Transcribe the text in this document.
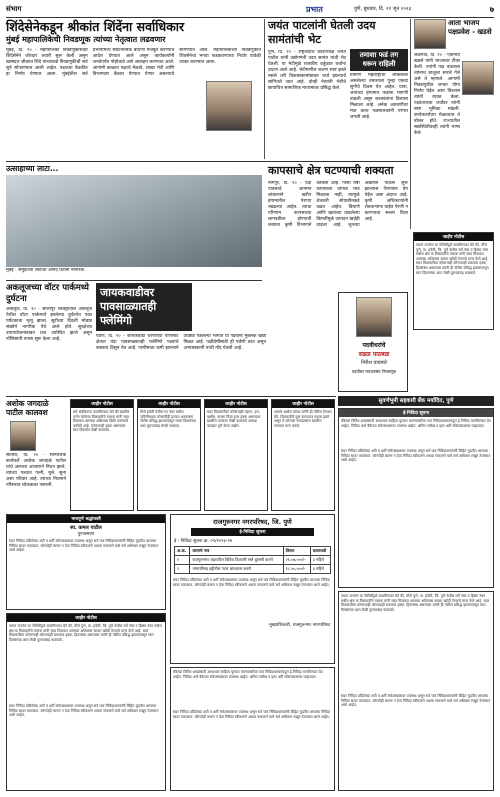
संभाग	प्रभात	पुणे, बुधवार, दि. २१ जून २०२३	७
शिंदेसेनेकडून श्रीकांत शिंदेंना सर्वाधिकार
मुंबई महापालिकेची निवडणूक त्यांच्या नेतृत्वात लढवणार
मुंबई, दि. २० - महापालिका निवडणुकीसाठी शिंदेसेनेने जोरदार तयारी सुरू केली असून खासदार श्रीकांत शिंदे यांच्याकडे निवडणुकीची सर्व सूत्रे सोपवण्यात आली आहेत. पक्षाच्या बैठकीत हा निर्णय घेण्यात आला. मुंबईतील सर्व प्रभागांमध्ये संघटनात्मक बांधणी मजबूत करण्याचे आदेश देण्यात आले असून कार्यकर्त्यांनी जनतेपर्यंत पोहोचावे असे आवाहन करण्यात आले. आगामी काळात पक्षाचे मेळावे, शाखा भेटी आणि विभागवार बैठका घेण्यात येणार असल्याचे सांगण्यात आले. महापालिकेच्या निवडणुकीत शिवसेनेचा भगवा फडकवण्याचा निर्धार यावेळी व्यक्त करण्यात आला.
जयंत पाटलांनी घेतली उदय सामंतांची भेट
पुणे, दि. २० - राष्ट्रवादीचे प्रदेशाध्यक्ष जयंत पाटील यांनी उद्योगमंत्री उदय सामंत यांची भेट घेतली. या भेटीमुळे राजकीय वर्तुळात चर्चांना उधाण आले आहे. भेटीमागील कारण स्पष्ट झाले नसले तरी विकासकामांबाबत चर्चा झाल्याचे सांगितले जात आहे. दोन्ही नेत्यांनी भेटीचे छायाचित्र सामाजिक माध्यमांवर प्रसिद्ध केले.
तमाशा फडं तग धरून राहिली
ग्रामीण महाराष्ट्राची लोककला असलेल्या तमाशाला पुन्हा एकदा सुगीचे दिवस येत आहेत. यात्रा, जत्रांच्या हंगामात फडांना मागणी वाढली असून कलावंतांना दिलासा मिळाला आहे. अनेक अडचणींवर मात करत फडमालकांनी परंपरा जपली आहे.
आता भाजप पक्षप्रवेश - खडसे
जळगाव, दि. २० - एकनाथ खडसे यांनी भाजपवर टीका केली. ज्यांनी पक्ष वाढवला त्यांनाच बाजूला सारले गेले असे ते म्हणाले. आगामी निवडणुकीत जनता योग्य निर्णय घेईल असा विश्वास त्यांनी व्यक्त केला. पक्षांतराच्या चर्चांवर त्यांनी स्पष्ट भूमिका मांडली. कार्यकर्त्यांच्या मेळाव्यात ते बोलत होते. राज्यातील सद्यस्थितीवरही त्यांनी भाष्य केले.
उत्साहाच्या लाटा...
मुंबई : समुद्राच्या लाटांचा आनंद घेताना नागरिक.
कापसाचे क्षेत्र घटण्याची शक्यता
नागपूर, दि. २० - यंदा पावसाचे आगमन लांबल्याने खरीप हंगामातील पेरण्या रखडल्या आहेत. त्याचा परिणाम कापसाच्या लागवडीवर होण्याची शक्यता कृषी विभागाने वर्तवली आहे. गेल्या वर्षी कापसाला चांगला भाव मिळाला नाही, त्यामुळे शेतकरी सोयाबीनकडे वळत आहेत. बियाणे आणि खतांच्या वाढलेल्या किमतींमुळे उत्पादन खर्चही वाढला आहे. जूनच्या अखेरीस पाऊस सुरू झाल्यास पेरण्यांना वेग येईल असा अंदाज आहे. कृषी अधिकाऱ्यांनी शेतकऱ्यांना घाईत पेरणी न करण्याचा सल्ला दिला आहे.
जाहीर नोटीस
तमाम जनतेस या नोटीसीद्वारे कळविण्यात येते की, मौजे पुणे, ता. हवेली, जि. पुणे येथील सर्वे नंबर व हिस्सा नंबर मधील क्षेत्र या मिळकतीचे मालक यांनी सदर मिळकत आमच्या अशिलास कायम खरेदी देण्याचे मान्य केले आहे. सदर मिळकतीवर कोणाचाही कोणत्याही प्रकारचा हक्क, हितसंबंध असल्यास त्यांनी ही नोटीस प्रसिद्ध झाल्यापासून सात दिवसांच्या आत लेखी पुराव्यासह कळवावे.
अकलूजच्या वॉटर पार्कमध्ये दुर्घटना
अकलूज, दि. २० - सोलापूर जिल्ह्यातील अकलूज येथील वॉटर पार्कमध्ये झालेल्या दुर्घटनेत एका पर्यटकाचा मृत्यू झाला. सुटीच्या दिवशी मोठ्या संख्येने नागरिक येथे आले होते. सुरक्षेच्या उपाययोजनांबाबत प्रश्न उपस्थित झाले असून पोलिसांनी तपास सुरू केला आहे.
जायकवाडीवर पावसाळ्यातही फ्लेमिंगो
पैठण, दि. २० - जायकवाडी धरणाच्या पाणलोट क्षेत्रात यंदा पावसाळ्यातही फ्लेमिंगो पक्ष्यांचे वास्तव्य दिसून येत आहे. पाणीसाठा कमी झाल्याने उघड्या पडलेल्या भागात या पक्ष्यांना मुबलक खाद्य मिळत आहे. पक्षीप्रेमींसाठी ही पर्वणी ठरत असून अभ्यासकांनी याची नोंद घेतली आहे.	पदवीधरांचे
सढळ पाठबळ
गिरीश वाघमारे
पदवीधर मतदारसंघ निवडणूक
सुवर्णभूमी सहकारी बँक मर्यादित, पुणे
ई-निविदा सूचना
बँकेच्या विविध शाखांसाठी आवश्यक साहित्य पुरवठा करण्याकरिता पात्र निविदाधारकांकडून ई-निविदा मागविण्यात येत आहेत. निविदा अर्ज बँकेच्या संकेतस्थळावर उपलब्ध आहेत. अंतिम तारीख व इतर अटी संकेतस्थळावर पाहाव्यात.
सदर निविदा प्रक्रियेच्या अटी व शर्ती संकेतस्थळावर उपलब्ध असून सर्व पात्र निविदाधारकांनी विहित मुदतीत आपल्या निविदा सादर कराव्यात. कोणतेही कारण न देता निविदा स्वीकारणे अथवा नाकारणे याचे सर्व अधिकार राखून ठेवण्यात आले आहेत.
अशोक जगदाळे पाटील कालवश
सातारा, दि. २० - सामाजिक कार्यकर्ते अशोक जगदाळे पाटील यांचे अल्पशा आजाराने निधन झाले. त्यांच्या पश्चात पत्नी, मुले, सुना असा परिवार आहे. त्यांच्या निधनाने परिसरात शोककळा पसरली.
जाहीर नोटीस
सर्व संबंधितांना कळविण्यात येते की खालील वर्णन केलेल्या मिळकतीचे मालक यांनी सदर मिळकत आमच्या अशिलास विक्री करण्याचे ठरविले आहे. कोणाचाही हक्क असल्यास सात दिवसांत लेखी कळवावे.
जाहीर नोटीस
मौजे हवेली येथील गट नंबर मधील जमिनीबाबत कोणाचीही हरकत असल्यास नोटीस प्रसिद्ध झाल्यापासून पंधरा दिवसांच्या आत पुराव्यासह संपर्क साधावा.
जाहीर नोटीस
सदर मिळकतीवर कोणाचाही गहाण, दान, बक्षीस, वारसा किंवा इतर हक्क असल्यास खालील पत्त्यावर लेखी कळवावे अन्यथा व्यवहार पूर्ण केला जाईल.
जाहीर नोटीस
आमचे अशील यांच्या वतीने ही नोटीस देण्यात येते. मिळकतीचे मूळ कागदपत्र गहाळ झाले असून ते कोणास सापडल्यास खालील पत्त्यावर परत करावे.
भावपूर्ण श्रद्धांजली
स्व. कमल पाटील
पुण्यस्मरण
सदर निविदा प्रक्रियेच्या अटी व शर्ती संकेतस्थळावर उपलब्ध असून सर्व पात्र निविदाधारकांनी विहित मुदतीत आपल्या निविदा सादर कराव्यात. कोणतेही कारण न देता निविदा स्वीकारणे अथवा नाकारणे याचे सर्व अधिकार राखून ठेवण्यात आले आहेत.
राजगुरुनगर नगरपरिषद, जि. पुणे
ई-निविदा सूचना
ई - निविदा सूचना क्र. ०९/२०२३-२४
अ.क्र.	कामाचे नाव	किंमत	कालावधी
१	राजगुरुनगर शहरातील विविध ठिकाणी रस्ते दुरुस्ती करणे	२१,०७,०००/-	३ महिने
२	नगरपरिषद हद्दीतील गटार बांधकाम करणे	१८,५०,०००/-	३ महिने
सदर निविदा प्रक्रियेच्या अटी व शर्ती संकेतस्थळावर उपलब्ध असून सर्व पात्र निविदाधारकांनी विहित मुदतीत आपल्या निविदा सादर कराव्यात. कोणतेही कारण न देता निविदा स्वीकारणे अथवा नाकारणे याचे सर्व अधिकार राखून ठेवण्यात आले आहेत.
मुख्याधिकारी, राजगुरुनगर नगरपरिषद
जाहीर नोटीस
तमाम जनतेस या नोटीसीद्वारे कळविण्यात येते की, मौजे पुणे, ता. हवेली, जि. पुणे येथील सर्वे नंबर व हिस्सा नंबर मधील क्षेत्र या मिळकतीचे मालक यांनी सदर मिळकत आमच्या अशिलास कायम खरेदी देण्याचे मान्य केले आहे. सदर मिळकतीवर कोणाचाही कोणत्याही प्रकारचा हक्क, हितसंबंध असल्यास त्यांनी ही नोटीस प्रसिद्ध झाल्यापासून सात दिवसांच्या आत लेखी पुराव्यासह कळवावे.
सदर निविदा प्रक्रियेच्या अटी व शर्ती संकेतस्थळावर उपलब्ध असून सर्व पात्र निविदाधारकांनी विहित मुदतीत आपल्या निविदा सादर कराव्यात. कोणतेही कारण न देता निविदा स्वीकारणे अथवा नाकारणे याचे सर्व अधिकार राखून ठेवण्यात आले आहेत.
बँकेच्या विविध शाखांसाठी आवश्यक साहित्य पुरवठा करण्याकरिता पात्र निविदाधारकांकडून ई-निविदा मागविण्यात येत आहेत. निविदा अर्ज बँकेच्या संकेतस्थळावर उपलब्ध आहेत. अंतिम तारीख व इतर अटी संकेतस्थळावर पाहाव्यात.
सदर निविदा प्रक्रियेच्या अटी व शर्ती संकेतस्थळावर उपलब्ध असून सर्व पात्र निविदाधारकांनी विहित मुदतीत आपल्या निविदा सादर कराव्यात. कोणतेही कारण न देता निविदा स्वीकारणे अथवा नाकारणे याचे सर्व अधिकार राखून ठेवण्यात आले आहेत.
तमाम जनतेस या नोटीसीद्वारे कळविण्यात येते की, मौजे पुणे, ता. हवेली, जि. पुणे येथील सर्वे नंबर व हिस्सा नंबर मधील क्षेत्र या मिळकतीचे मालक यांनी सदर मिळकत आमच्या अशिलास कायम खरेदी देण्याचे मान्य केले आहे. सदर मिळकतीवर कोणाचाही कोणत्याही प्रकारचा हक्क, हितसंबंध असल्यास त्यांनी ही नोटीस प्रसिद्ध झाल्यापासून सात दिवसांच्या आत लेखी पुराव्यासह कळवावे.
सदर निविदा प्रक्रियेच्या अटी व शर्ती संकेतस्थळावर उपलब्ध असून सर्व पात्र निविदाधारकांनी विहित मुदतीत आपल्या निविदा सादर कराव्यात. कोणतेही कारण न देता निविदा स्वीकारणे अथवा नाकारणे याचे सर्व अधिकार राखून ठेवण्यात आले आहेत.
